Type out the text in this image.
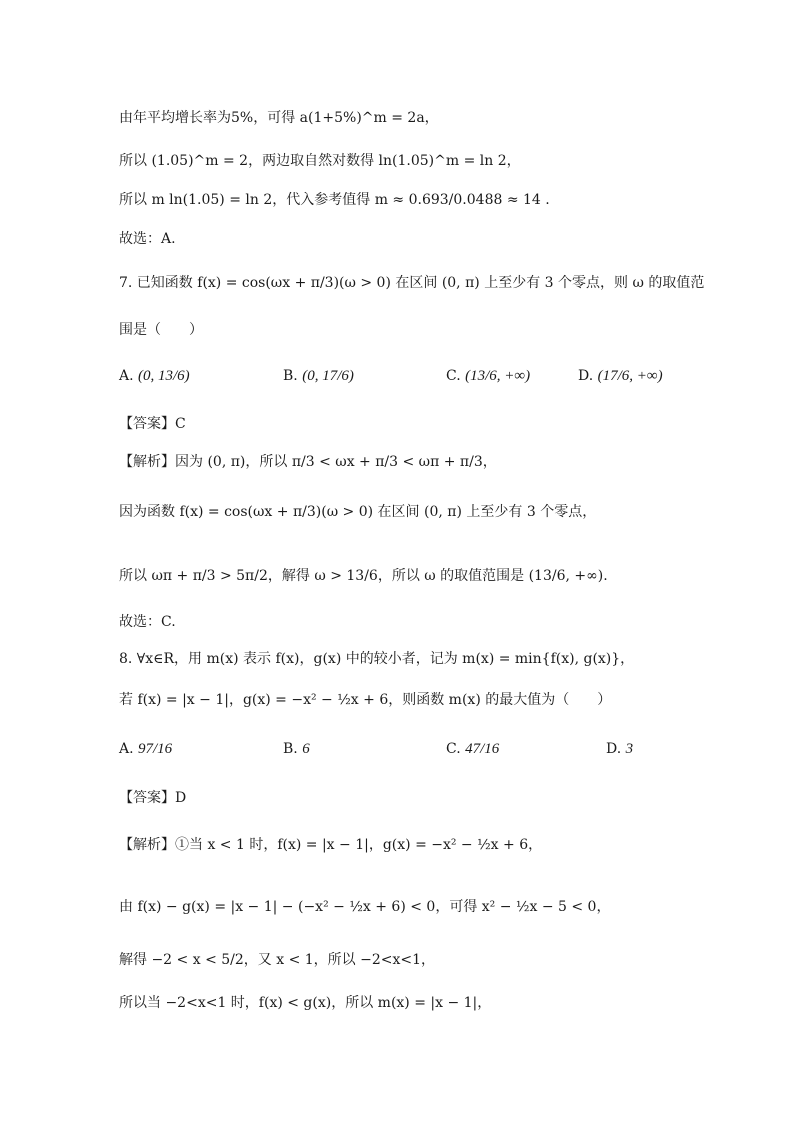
由年平均增长率为5%，可得 a(1+5%)^m = 2a，
所以 (1.05)^m = 2，两边取自然对数得 ln(1.05)^m = ln 2，
所以 m ln(1.05) = ln 2，代入参考值得 m ≈ 0.693/0.0488 ≈ 14 .
故选：A.
7. 已知函数 f(x) = cos(ωx + π/3)(ω > 0) 在区间 (0, π) 上至少有 3 个零点，则 ω 的取值范
围是（　　）
A. (0, 13/6)	B. (0, 17/6)	C. (13/6, +∞)	D. (17/6, +∞)
【答案】C
【解析】因为 (0, π)，所以 π/3 < ωx + π/3 < ωπ + π/3，
因为函数 f(x) = cos(ωx + π/3)(ω > 0) 在区间 (0, π) 上至少有 3 个零点，
所以 ωπ + π/3 > 5π/2，解得 ω > 13/6，所以 ω 的取值范围是 (13/6, +∞).
故选：C.
8. ∀x∈R，用 m(x) 表示 f(x)，g(x) 中的较小者，记为 m(x) = min{f(x), g(x)}，
若 f(x) = |x − 1|，g(x) = −x² − ½x + 6，则函数 m(x) 的最大值为（　　）
A. 97/16	B. 6	C. 47/16	D. 3
【答案】D
【解析】①当 x < 1 时，f(x) = |x − 1|，g(x) = −x² − ½x + 6，
由 f(x) − g(x) = |x − 1| − (−x² − ½x + 6) < 0，可得 x² − ½x − 5 < 0，
解得 −2 < x < 5/2，又 x < 1，所以 −2<x<1，
所以当 −2<x<1 时，f(x) < g(x)，所以 m(x) = |x − 1|，
